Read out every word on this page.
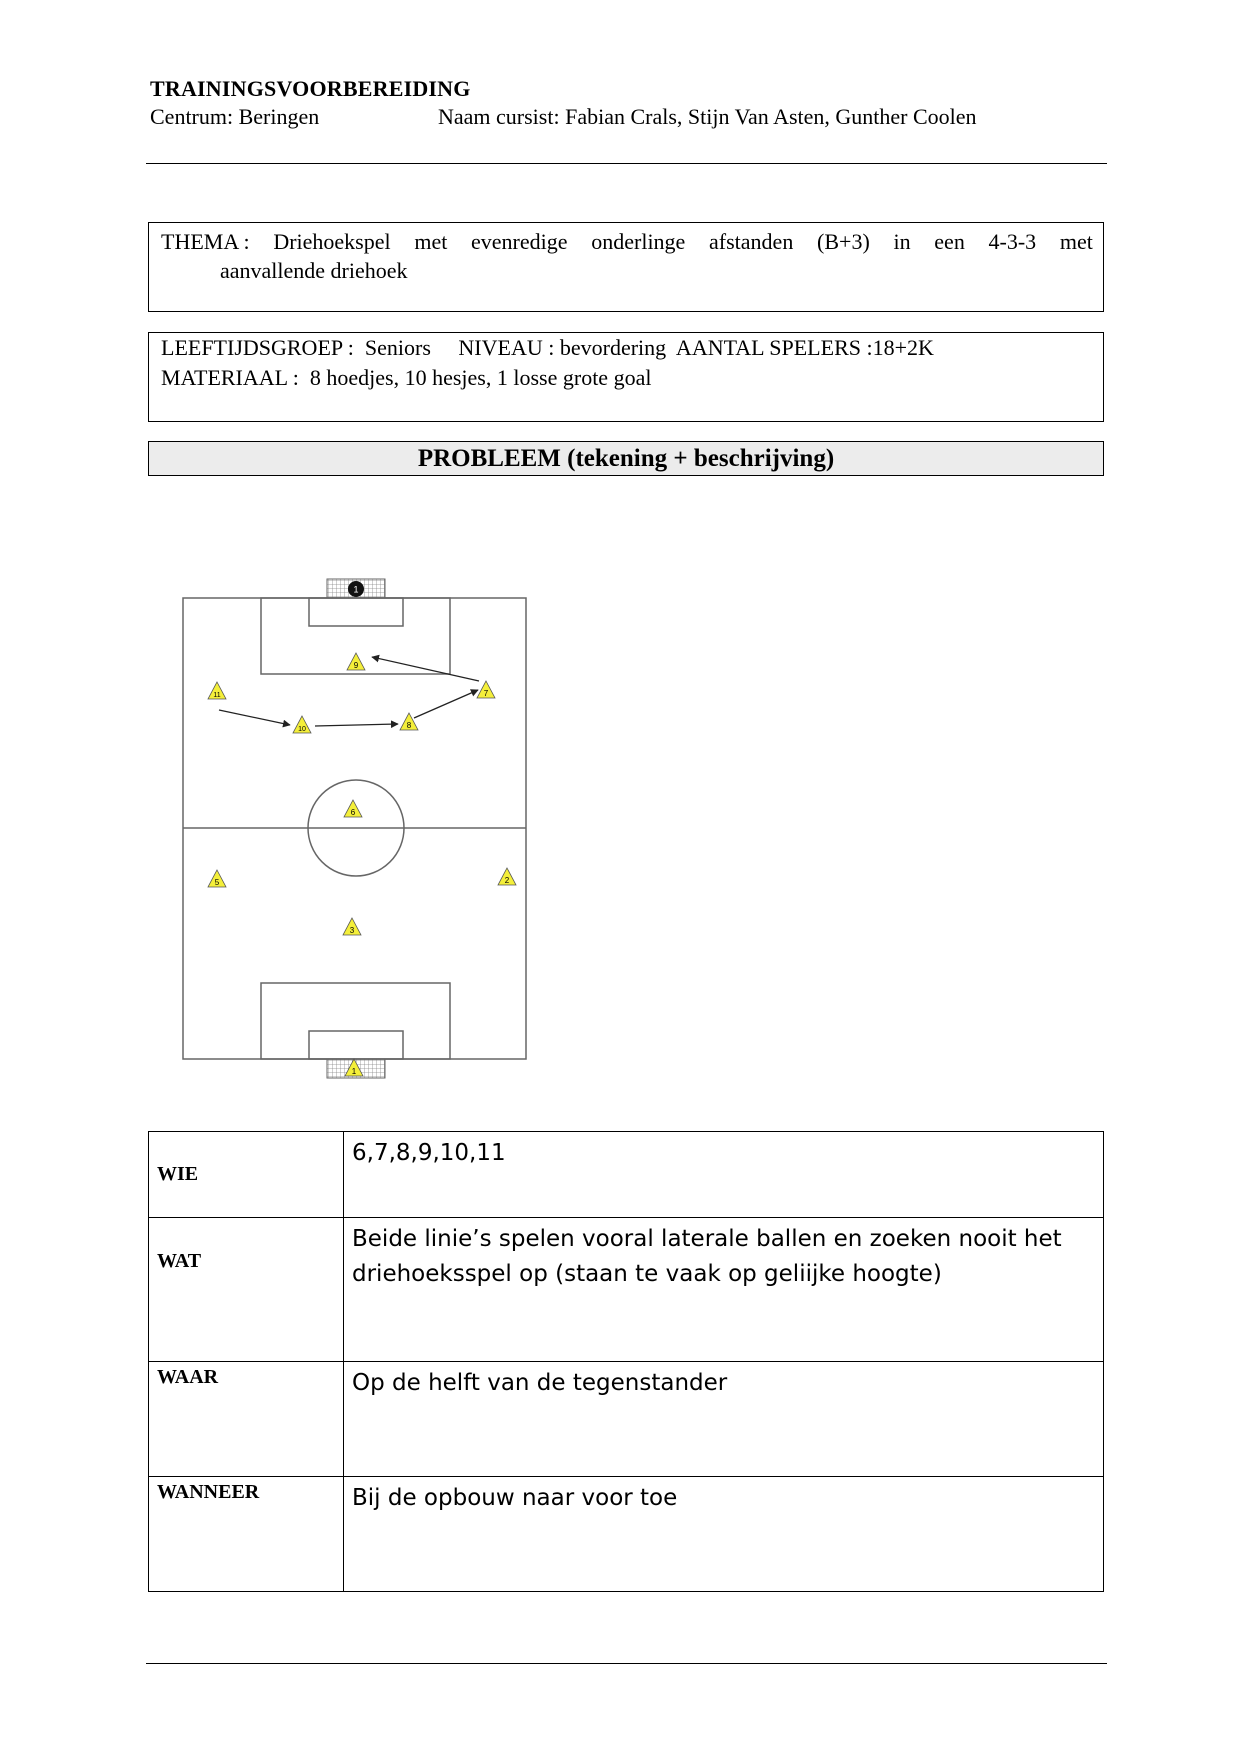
TRAININGSVOORBEREIDING
Centrum: Beringen	Naam cursist: Fabian Crals, Stijn Van Asten, Gunther Coolen
THEMA : Driehoekspel met evenredige onderlinge afstanden (B+3) in een 4-3-3 met
aanvallende driehoek
LEEFTIJDSGROEP :  Seniors     NIVEAU : bevordering  AANTAL SPELERS :18+2K
MATERIAAL :  8 hoedjes, 10 hesjes, 1 losse grote goal
PROBLEEM (tekening + beschrijving)
1
9
7
11
10	8
6
5	2
3
1
WIE	6,7,8,9,10,11
WAT	Beide linie’s spelen vooral laterale ballen en zoeken nooit het driehoeksspel op (staan te vaak op geliijke hoogte)
WAAR	Op de helft van de tegenstander
WANNEER	Bij de opbouw naar voor toe
